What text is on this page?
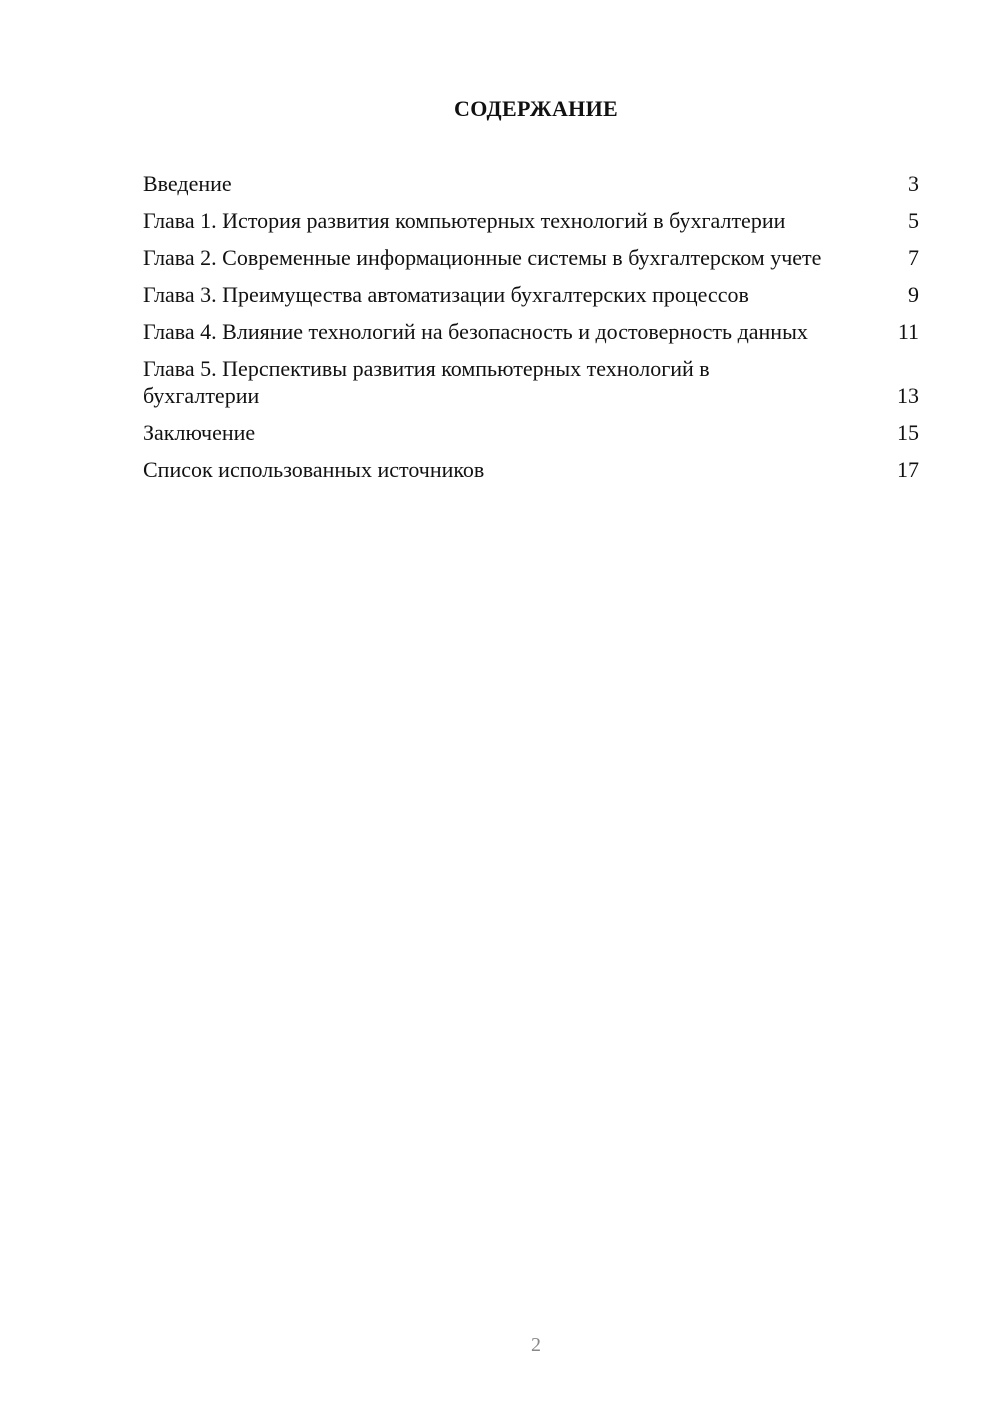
СОДЕРЖАНИЕ
Введение	3
Глава 1. История развития компьютерных технологий в бухгалтерии	5
Глава 2. Современные информационные системы в бухгалтерском учете	7
Глава 3. Преимущества автоматизации бухгалтерских процессов	9
Глава 4. Влияние технологий на безопасность и достоверность данных	11
Глава 5. Перспективы развития компьютерных технологий в бухгалтерии	13
Заключение	15
Список использованных источников	17
2
